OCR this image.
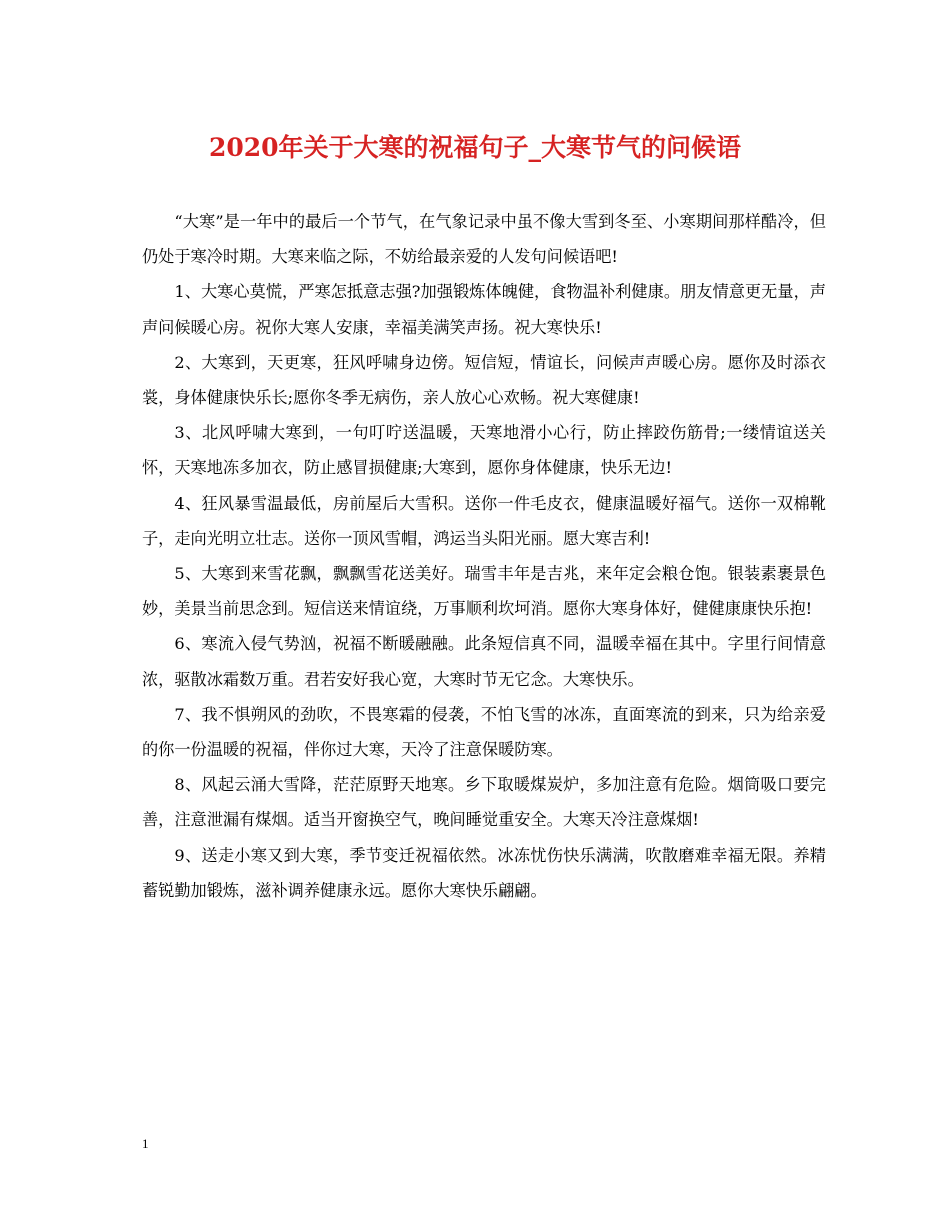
2020年关于大寒的祝福句子_大寒节气的问候语

“大寒”是一年中的最后一个节气，在气象记录中虽不像大雪到冬至、小寒期间那样酷冷，但仍处于寒冷时期。大寒来临之际，不妨给最亲爱的人发句问候语吧!

1、大寒心莫慌，严寒怎抵意志强?加强锻炼体魄健，食物温补利健康。朋友情意更无量，声声问候暖心房。祝你大寒人安康，幸福美满笑声扬。祝大寒快乐!

2、大寒到，天更寒，狂风呼啸身边傍。短信短，情谊长，问候声声暖心房。愿你及时添衣裳，身体健康快乐长;愿你冬季无病伤，亲人放心心欢畅。祝大寒健康!

3、北风呼啸大寒到，一句叮咛送温暖，天寒地滑小心行，防止摔跤伤筋骨;一缕情谊送关怀，天寒地冻多加衣，防止感冒损健康;大寒到，愿你身体健康，快乐无边!

4、狂风暴雪温最低，房前屋后大雪积。送你一件毛皮衣，健康温暖好福气。送你一双棉靴子，走向光明立壮志。送你一顶风雪帽，鸿运当头阳光丽。愿大寒吉利!

5、大寒到来雪花飘，飘飘雪花送美好。瑞雪丰年是吉兆，来年定会粮仓饱。银装素裹景色妙，美景当前思念到。短信送来情谊绕，万事顺利坎坷消。愿你大寒身体好，健健康康快乐抱!

6、寒流入侵气势汹，祝福不断暖融融。此条短信真不同，温暖幸福在其中。字里行间情意浓，驱散冰霜数万重。君若安好我心宽，大寒时节无它念。大寒快乐。

7、我不惧朔风的劲吹，不畏寒霜的侵袭，不怕飞雪的冰冻，直面寒流的到来，只为给亲爱的你一份温暖的祝福，伴你过大寒，天冷了注意保暖防寒。

8、风起云涌大雪降，茫茫原野天地寒。乡下取暖煤炭炉，多加注意有危险。烟筒吸口要完善，注意泄漏有煤烟。适当开窗换空气，晚间睡觉重安全。大寒天冷注意煤烟!

9、送走小寒又到大寒，季节变迁祝福依然。冰冻忧伤快乐满满，吹散磨难幸福无限。养精蓄锐勤加锻炼，滋补调养健康永远。愿你大寒快乐翩翩。

1
